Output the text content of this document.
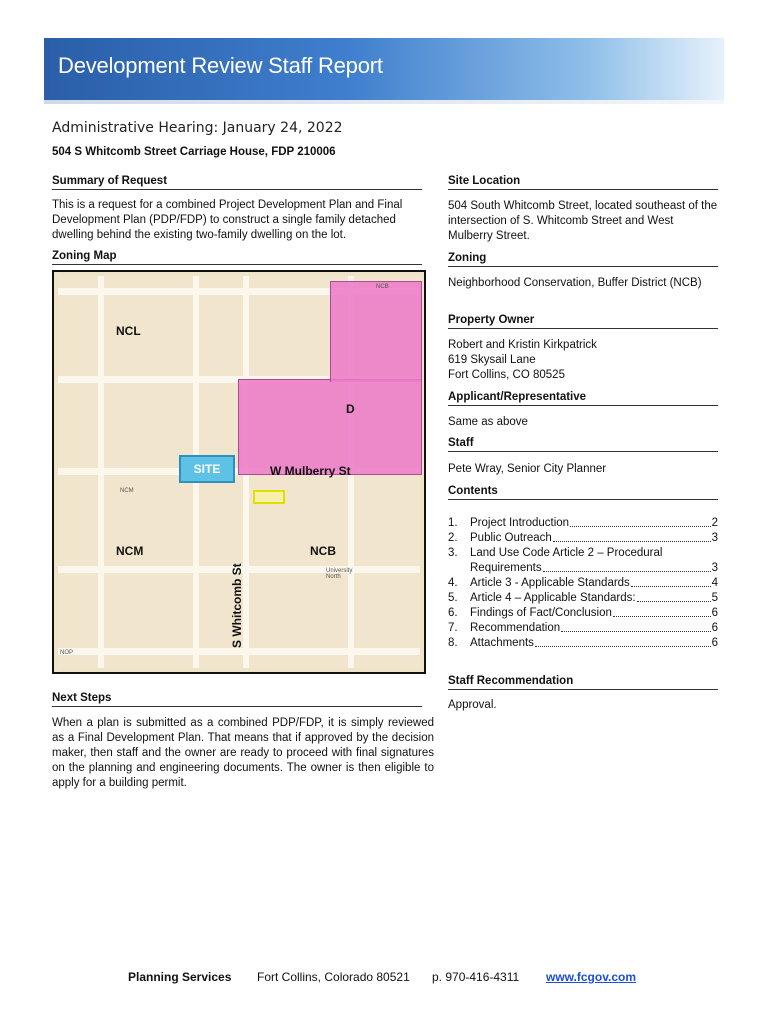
Development Review Staff Report
Administrative Hearing: January 24, 2022
504 S Whitcomb Street Carriage House, FDP 210006
Summary of Request
This is a request for a combined Project Development Plan and Final Development Plan (PDP/FDP) to construct a single family detached dwelling behind the existing two-family dwelling on the lot.
Zoning Map
NCL
NCM	NCB
D
NCB
NCM
University North
NOP
W Mulberry St
S Whitcomb St
SITE
Next Steps
When a plan is submitted as a combined PDP/FDP, it is simply reviewed as a Final Development Plan. That means that if approved by the decision maker, then staff and the owner are ready to proceed with final signatures on the planning and engineering documents. The owner is then eligible to apply for a building permit.
Site Location
504 South Whitcomb Street, located southeast of the intersection of S. Whitcomb Street and West Mulberry Street.
Zoning
Neighborhood Conservation, Buffer District (NCB)
Property Owner
Robert and Kristin Kirkpatrick
619 Skysail Lane
Fort Collins, CO 80525
Applicant/Representative
Same as above
Staff
Pete Wray, Senior City Planner
Contents
1.	Project Introduction	2
2.	Public Outreach	3
3.	Land Use Code Article 2 – Procedural
Requirements	3
4.	Article 3 - Applicable Standards	4
5.	Article 4 – Applicable Standards:	5
6.	Findings of Fact/Conclusion	6
7.	Recommendation	6
8.	Attachments	6
Staff Recommendation
Approval.
Planning Services Fort Collins, Colorado 80521 p. 970-416-4311 www.fcgov.com
